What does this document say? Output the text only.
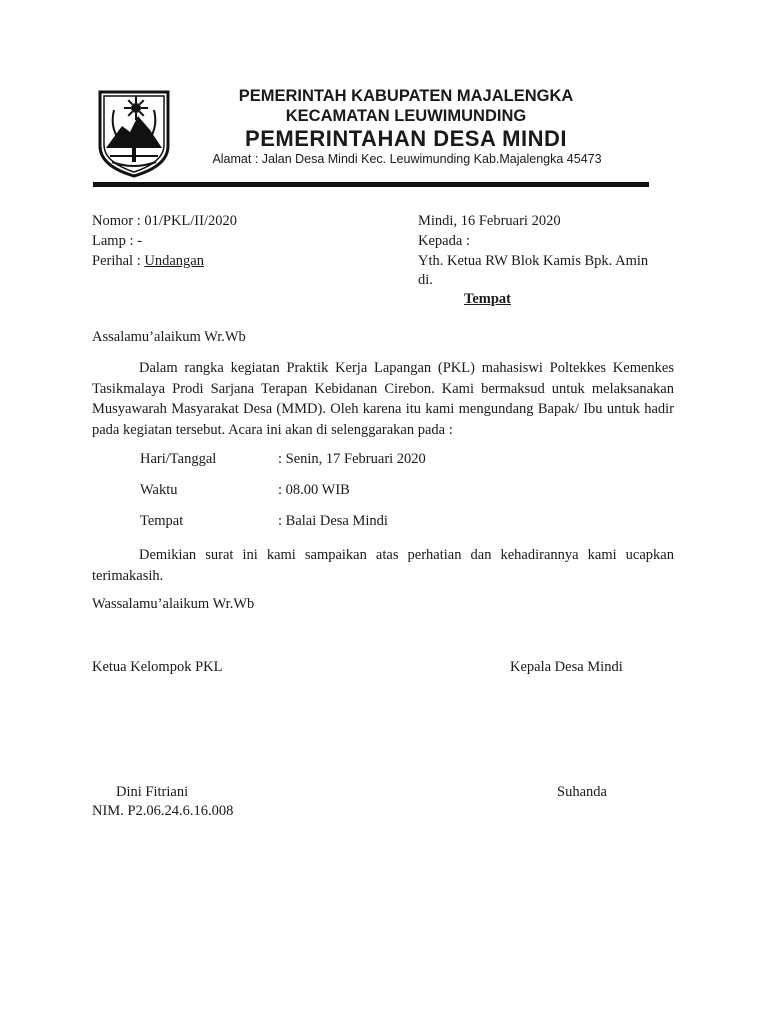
PEMERINTAH KABUPATEN MAJALENGKA
KECAMATAN LEUWIMUNDING
PEMERINTAHAN DESA MINDI
Alamat : Jalan Desa Mindi Kec. Leuwimunding Kab.Majalengka 45473
Nomor : 01/PKL/II/2020
Lamp : -
Perihal : Undangan
Mindi, 16 Februari 2020
Kepada :
Yth. Ketua RW Blok Kamis Bpk. Amin
di.
Tempat
Assalamu’alaikum Wr.Wb
Dalam rangka kegiatan Praktik Kerja Lapangan (PKL) mahasiswi Poltekkes Kemenkes Tasikmalaya Prodi Sarjana Terapan Kebidanan Cirebon. Kami bermaksud untuk melaksanakan Musyawarah Masyarakat Desa (MMD). Oleh karena itu kami mengundang Bapak/ Ibu untuk hadir pada kegiatan tersebut. Acara ini akan di selenggarakan pada :
Hari/Tanggal	: Senin, 17 Februari 2020
Waktu	: 08.00 WIB
Tempat	: Balai Desa Mindi
Demikian surat ini kami sampaikan atas perhatian dan kehadirannya kami ucapkan terimakasih.
Wassalamu’alaikum Wr.Wb
Ketua Kelompok PKL
Dini Fitriani
NIM. P2.06.24.6.16.008
Kepala Desa Mindi
Suhanda
